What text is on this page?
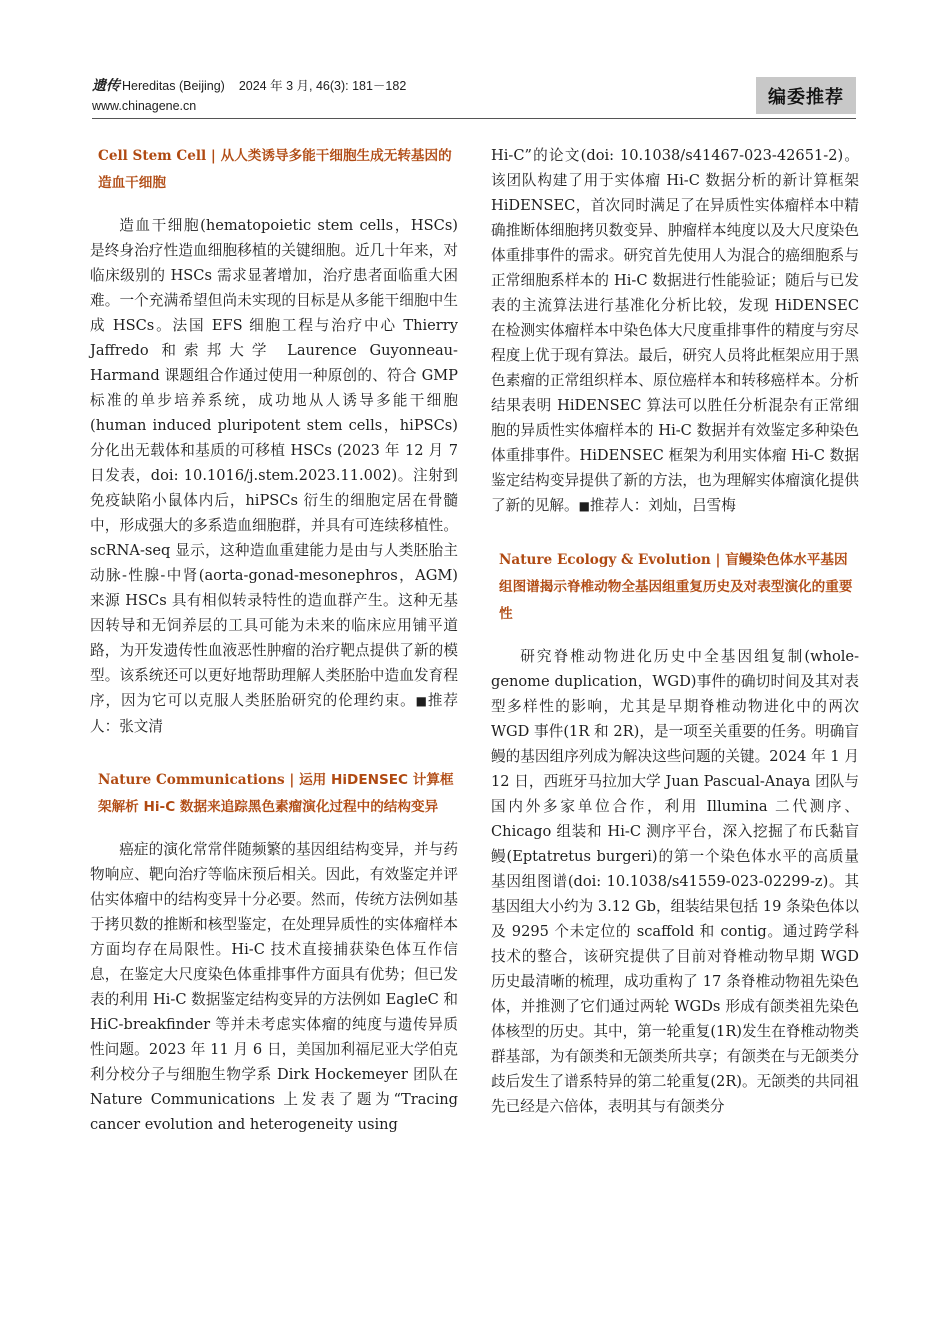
遗传 Hereditas (Beijing) 2024 年 3 月, 46(3): 181－182
www.chinagene.cn	编委推荐
Cell Stem Cell | 从人类诱导多能干细胞生成无转基因的造血干细胞
造血干细胞(hematopoietic stem cells，HSCs)是终身治疗性造血细胞移植的关键细胞。近几十年来，对临床级别的 HSCs 需求显著增加，治疗患者面临重大困难。一个充满希望但尚未实现的目标是从多能干细胞中生成 HSCs。法国 EFS 细胞工程与治疗中心 Thierry Jaffredo 和索邦大学 Laurence Guyonneau-Harmand 课题组合作通过使用一种原创的、符合 GMP 标准的单步培养系统，成功地从人诱导多能干细胞(human induced pluripotent stem cells，hiPSCs)分化出无载体和基质的可移植 HSCs (2023 年 12 月 7 日发表，doi: 10.1016/j.stem.2023.11.002)。注射到免疫缺陷小鼠体内后，hiPSCs 衍生的细胞定居在骨髓中，形成强大的多系造血细胞群，并具有可连续移植性。scRNA-seq 显示，这种造血重建能力是由与人类胚胎主动脉-性腺-中肾(aorta-gonad-mesonephros，AGM)来源 HSCs 具有相似转录特性的造血群产生。这种无基因转导和无饲养层的工具可能为未来的临床应用铺平道路，为开发遗传性血液恶性肿瘤的治疗靶点提供了新的模型。该系统还可以更好地帮助理解人类胚胎中造血发育程序，因为它可以克服人类胚胎研究的伦理约束。■推荐人：张文清
Nature Communications | 运用 HiDENSEC 计算框架解析 Hi-C 数据来追踪黑色素瘤演化过程中的结构变异
癌症的演化常常伴随频繁的基因组结构变异，并与药物响应、靶向治疗等临床预后相关。因此，有效鉴定并评估实体瘤中的结构变异十分必要。然而，传统方法例如基于拷贝数的推断和核型鉴定，在处理异质性的实体瘤样本方面均存在局限性。Hi-C 技术直接捕获染色体互作信息，在鉴定大尺度染色体重排事件方面具有优势；但已发表的利用 Hi-C 数据鉴定结构变异的方法例如 EagleC 和 HiC-breakfinder 等并未考虑实体瘤的纯度与遗传异质性问题。2023 年 11 月 6 日，美国加利福尼亚大学伯克利分校分子与细胞生物学系 Dirk Hockemeyer 团队在 Nature Communications 上发表了题为“Tracing cancer evolution and heterogeneity using
Hi-C”的论文(doi: 10.1038/s41467-023-42651-2)。该团队构建了用于实体瘤 Hi-C 数据分析的新计算框架 HiDENSEC，首次同时满足了在异质性实体瘤样本中精确推断体细胞拷贝数变异、肿瘤样本纯度以及大尺度染色体重排事件的需求。研究首先使用人为混合的癌细胞系与正常细胞系样本的 Hi-C 数据进行性能验证；随后与已发表的主流算法进行基准化分析比较，发现 HiDENSEC 在检测实体瘤样本中染色体大尺度重排事件的精度与穷尽程度上优于现有算法。最后，研究人员将此框架应用于黑色素瘤的正常组织样本、原位癌样本和转移癌样本。分析结果表明 HiDENSEC 算法可以胜任分析混杂有正常细胞的异质性实体瘤样本的 Hi-C 数据并有效鉴定多种染色体重排事件。HiDENSEC 框架为利用实体瘤 Hi-C 数据鉴定结构变异提供了新的方法，也为理解实体瘤演化提供了新的见解。■推荐人：刘灿，吕雪梅
Nature Ecology & Evolution | 盲鳗染色体水平基因组图谱揭示脊椎动物全基因组重复历史及对表型演化的重要性
研究脊椎动物进化历史中全基因组复制(whole-genome duplication，WGD)事件的确切时间及其对表型多样性的影响，尤其是早期脊椎动物进化中的两次 WGD 事件(1R 和 2R)，是一项至关重要的任务。明确盲鳗的基因组序列成为解决这些问题的关键。2024 年 1 月 12 日，西班牙马拉加大学 Juan Pascual-Anaya 团队与国内外多家单位合作，利用 Illumina 二代测序、Chicago 组装和 Hi-C 测序平台，深入挖掘了布氏黏盲鳗(Eptatretus burgeri)的第一个染色体水平的高质量基因组图谱(doi: 10.1038/s41559-023-02299-z)。其基因组大小约为 3.12 Gb，组装结果包括 19 条染色体以及 9295 个未定位的 scaffold 和 contig。通过跨学科技术的整合，该研究提供了目前对脊椎动物早期 WGD 历史最清晰的梳理，成功重构了 17 条脊椎动物祖先染色体，并推测了它们通过两轮 WGDs 形成有颌类祖先染色体核型的历史。其中，第一轮重复(1R)发生在脊椎动物类群基部，为有颌类和无颌类所共享；有颌类在与无颌类分歧后发生了谱系特异的第二轮重复(2R)。无颌类的共同祖先已经是六倍体，表明其与有颌类分
